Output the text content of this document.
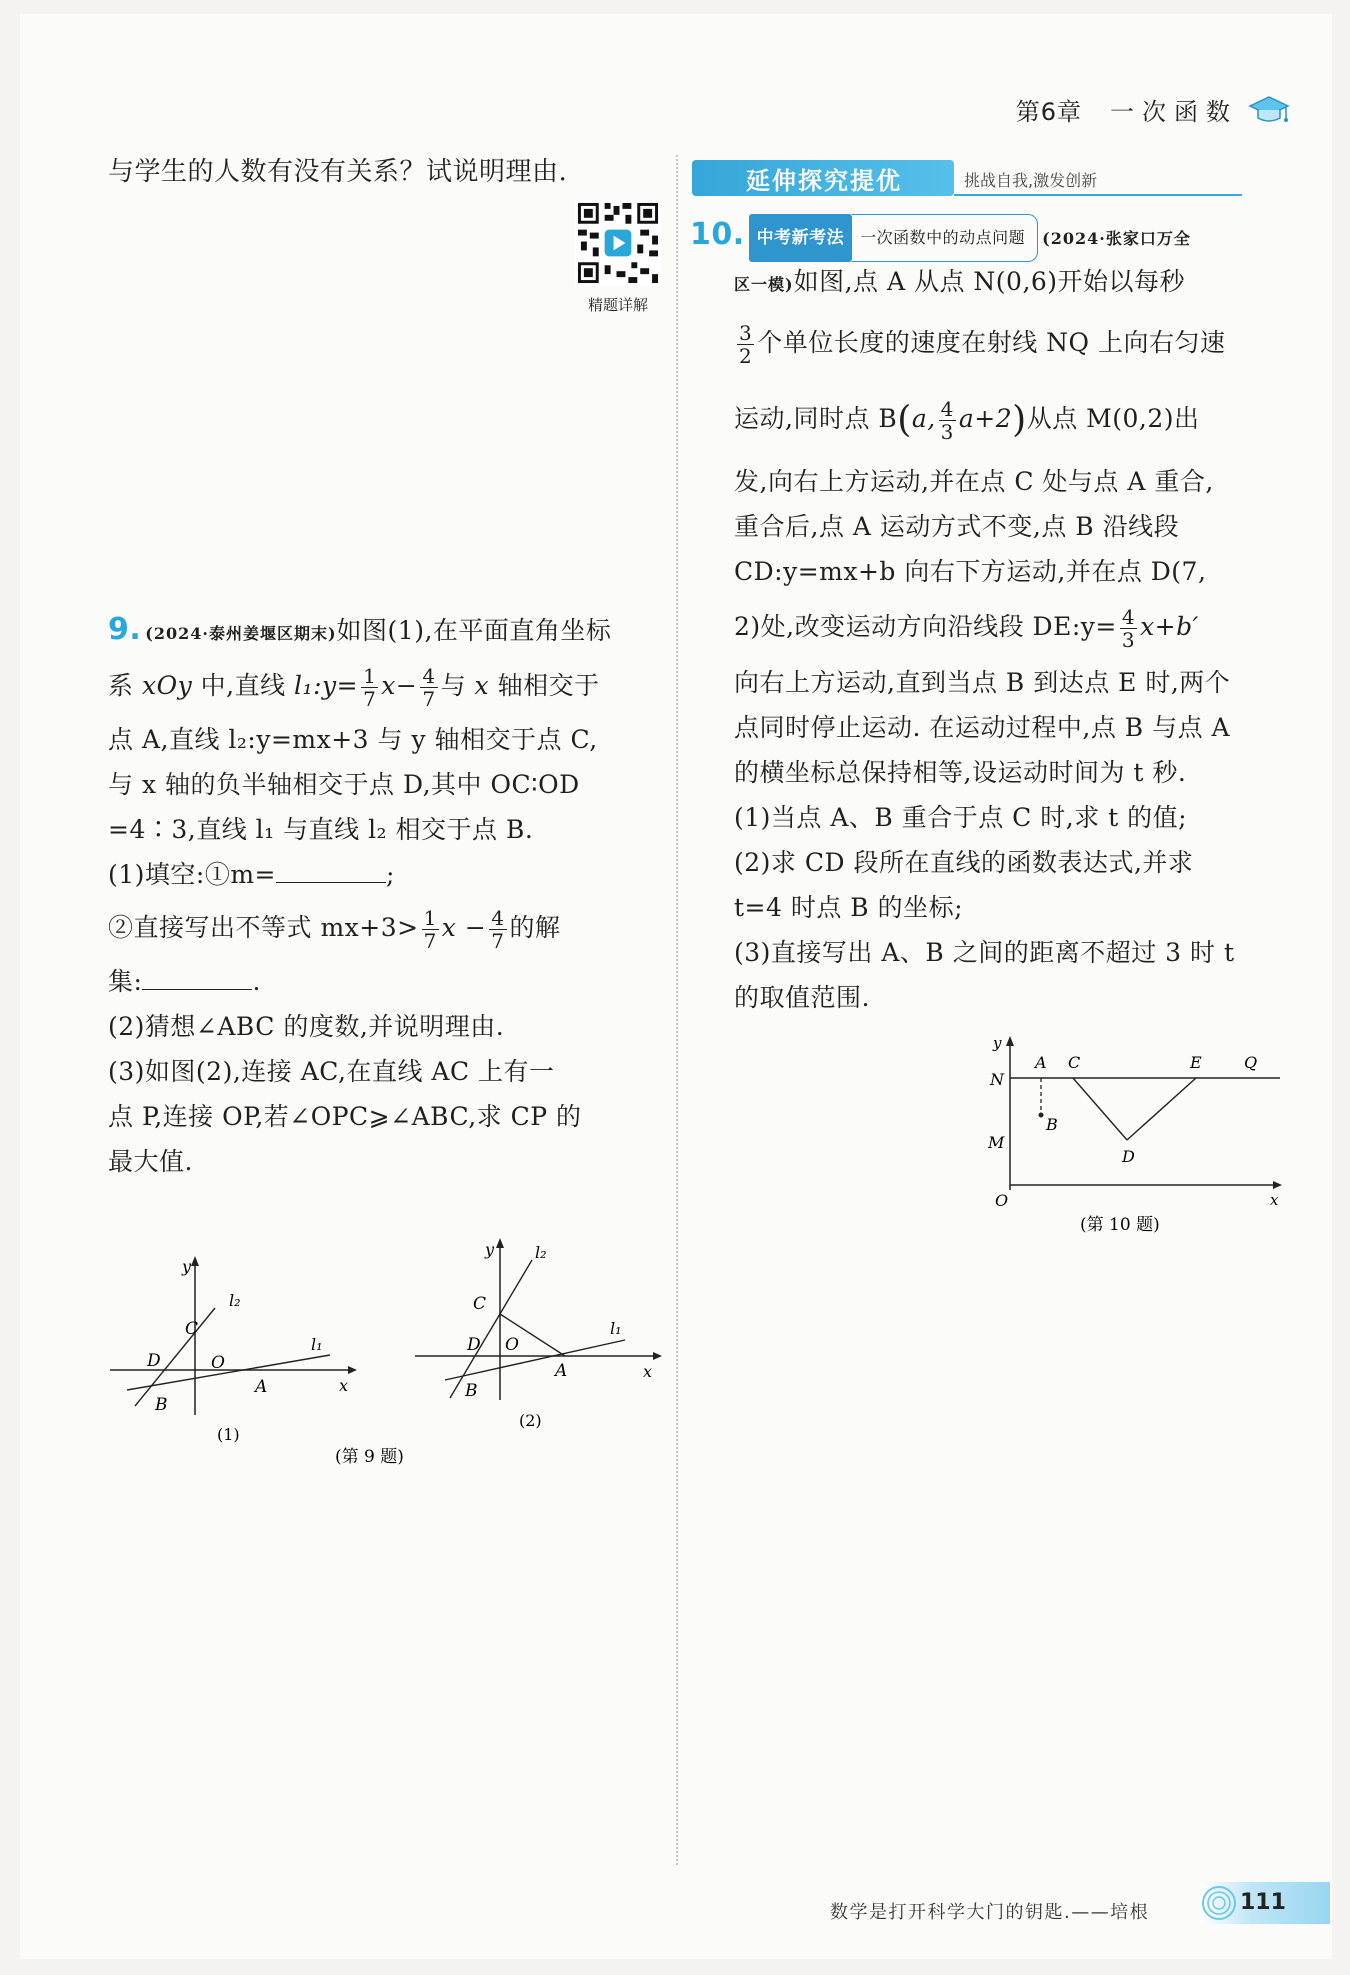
第6章 一次函数
与学生的人数有没有关系？试说明理由.
精题详解
9. (2024·泰州姜堰区期末)如图(1),在平面直角坐标
系 xOy 中,直线 l₁:y= $\frac{1}{7} x- \frac{4}{7}$ 与 x 轴相交于
点 A,直线 l₂:y=mx+3 与 y 轴相交于点 C,
与 x 轴的负半轴相交于点 D,其中 OC∶OD
=4∶3,直线 l₁ 与直线 l₂ 相交于点 B.
(1)填空:①m=	;
②直接写出不等式 $mx+3> \frac{1}{7}$ $x - \frac{4}{7}$ 的解
集:	.
(2)猜想∠ABC 的度数,并说明理由.
(3)如图(2),连接 AC,在直线 AC 上有一
点 P,连接 OP,若∠OPC⩾∠ABC,求 CP 的
最大值.
y
x
C
D	O
A
B
l₂
l₁
(1)
y
x
C
D O
A
B
l₂
l₁
(2)
(第 9 题)
延伸探究提优	挑战自我,激发创新
10. 中考新考法 一次函数中的动点问题 (2024·张家口万全
区一模)如图,点 A 从点 N(0,6)开始以每秒
$\frac{3}{2}$ 个单位长度的速度在射线 NQ 上向右匀速
运动,同时点 B(a, $\frac{4}{3} a+2$)从点 M(0,2)出
发,向右上方运动,并在点 C 处与点 A 重合,
重合后,点 A 运动方式不变,点 B 沿线段
CD:y=mx+b 向右下方运动,并在点 D(7,
2)处,改变运动方向沿线段 DE:y= $\frac{4}{3} x+b'$
向右上方运动,直到当点 B 到达点 E 时,两个
点同时停止运动. 在运动过程中,点 B 与点 A
的横坐标总保持相等,设运动时间为 t 秒.
(1)当点 A、B 重合于点 C 时,求 t 的值;
(2)求 CD 段所在直线的函数表达式,并求
t=4 时点 B 的坐标;
(3)直接写出 A、B 之间的距离不超过 3 时 t
的取值范围.
y
x
O
N
M
A C	E	Q
B
D
(第 10 题)
111
数学是打开科学大门的钥匙.——培根
